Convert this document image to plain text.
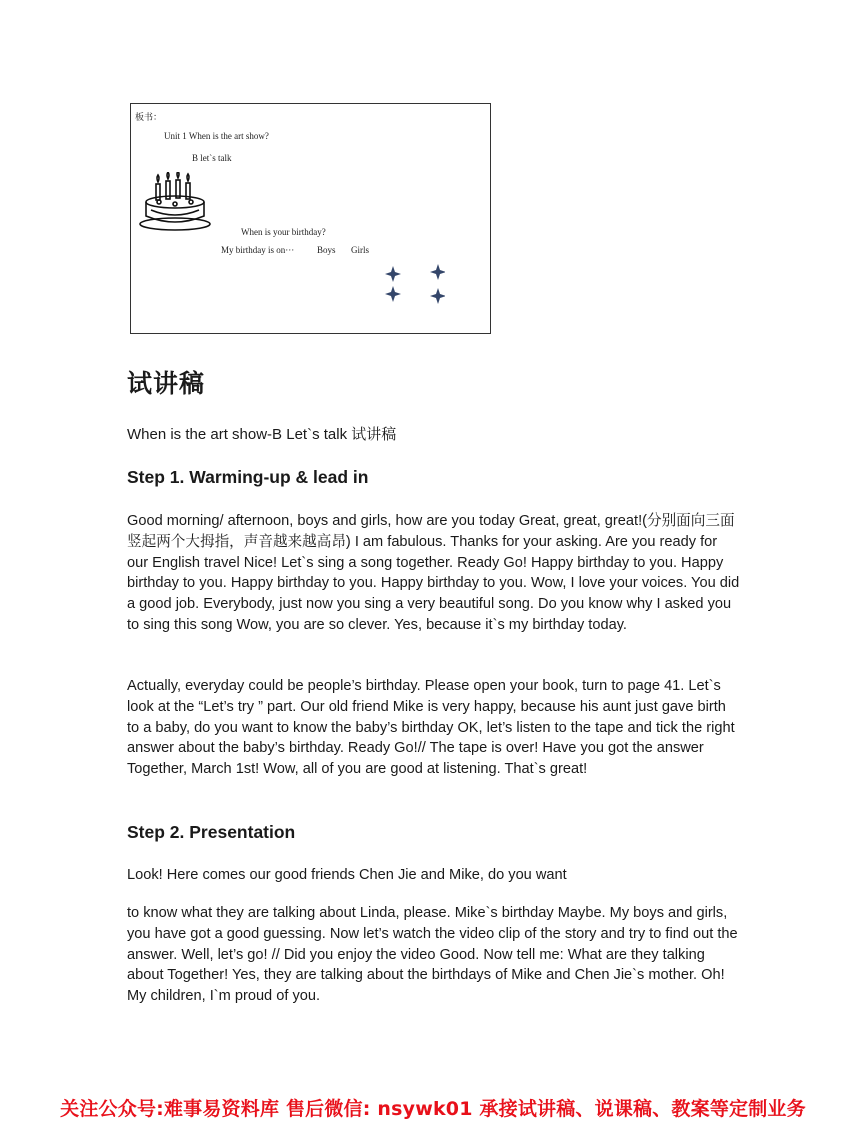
板书：
Unit 1 When is the art show?
B let`s talk
When is your birthday?
My birthday is on···	Boys Girls
试讲稿
When is the art show-B Let`s talk 试讲稿
Step 1. Warming-up & lead in

Good morning/ afternoon, boys and girls, how are you today Great, great, great!(分别面向三面竖起两个大拇指，声音越来越高昂) I am fabulous. Thanks for your asking. Are you ready for our English travel Nice! Let`s sing a song together. Ready Go! Happy birthday to you. Happy birthday to you. Happy birthday to you. Happy birthday to you. Wow, I love your voices. You did a good job. Everybody, just now you sing a very beautiful song. Do you know why I asked you to sing this song Wow, you are so clever. Yes, because it`s my birthday today.

Actually, everyday could be people’s birthday. Please open your book, turn to page 41. Let`s look at the “Let’s try ” part. Our old friend Mike is very happy, because his aunt just gave birth to a baby, do you want to know the baby’s birthday OK, let’s listen to the tape and tick the right answer about the baby’s birthday. Ready Go!// The tape is over! Have you got the answer Together, March 1st! Wow, all of you are good at listening. That`s great!

Step 2. Presentation

Look! Here comes our good friends Chen Jie and Mike, do you want

to know what they are talking about Linda, please. Mike`s birthday Maybe. My boys and girls, you have got a good guessing. Now let’s watch the video clip of the story and try to find out the answer. Well, let’s go! // Did you enjoy the video Good. Now tell me: What are they talking about Together! Yes, they are talking about the birthdays of Mike and Chen Jie`s mother. Oh! My children, I`m proud of you.

关注公众号:难事易资料库 售后微信: nsywk01 承接试讲稿、说课稿、教案等定制业务
